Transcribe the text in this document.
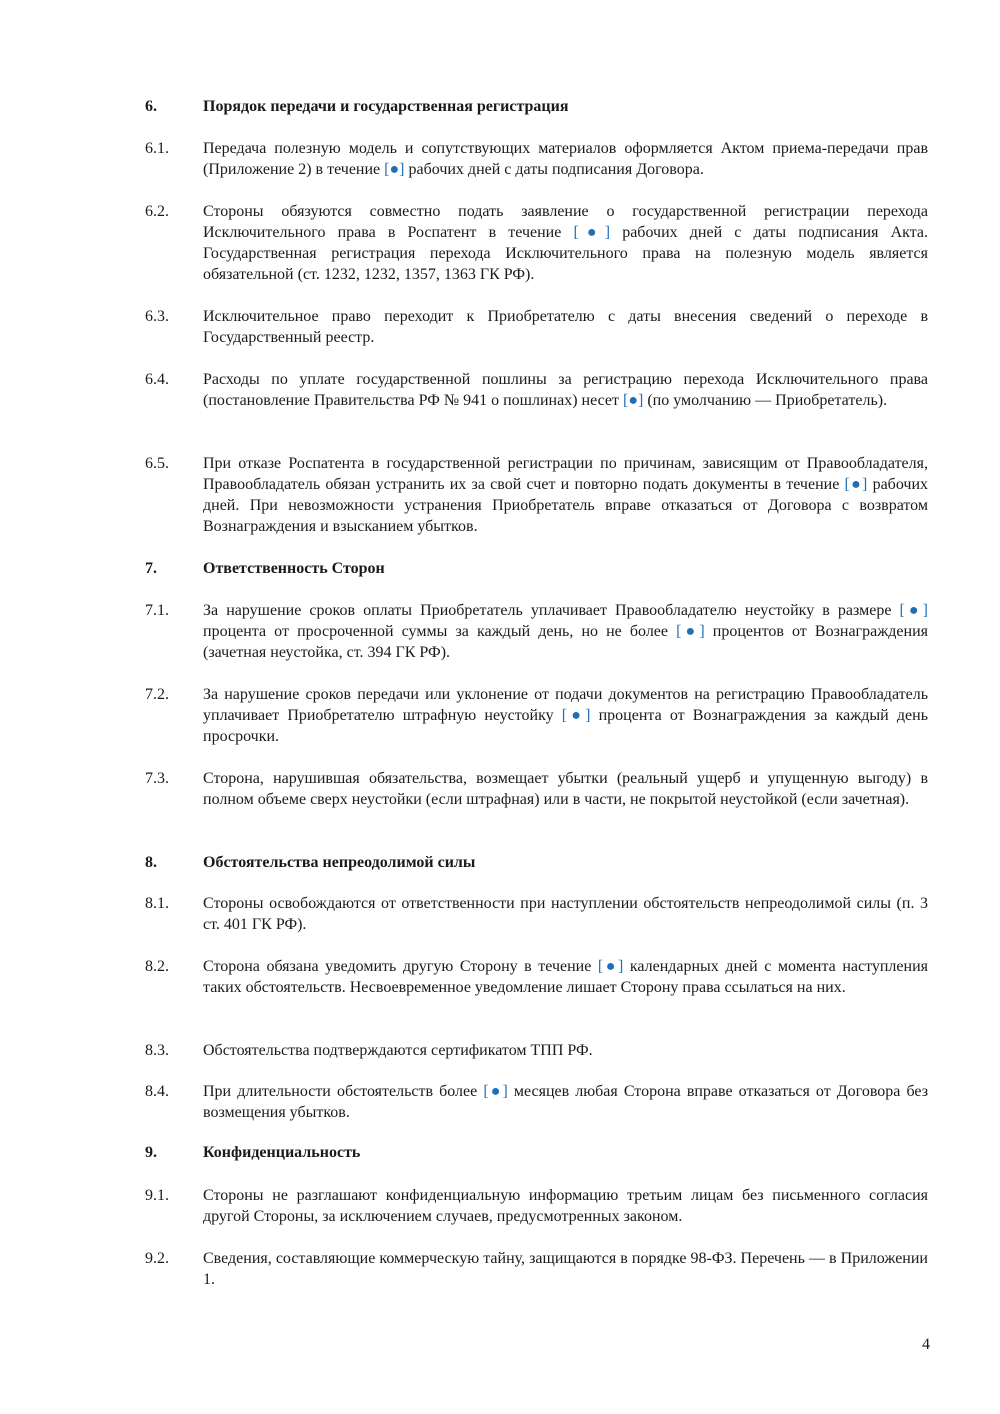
6.	Порядок передачи и государственная регистрация
6.1. Передача полезную модель и сопутствующих материалов оформляется Актом приема-передачи прав (Приложение 2) в течение [●] рабочих дней с даты подписания Договора.
6.2. Стороны обязуются совместно подать заявление о государственной регистрации перехода Исключительного права в Роспатент в течение [●] рабочих дней с даты подписания Акта. Государственная регистрация перехода Исключительного права на полезную модель является обязательной (ст. 1232, 1232, 1357, 1363 ГК РФ).
6.3. Исключительное право переходит к Приобретателю с даты внесения сведений о переходе в Государственный реестр.
6.4. Расходы по уплате государственной пошлины за регистрацию перехода Исключительного права (постановление Правительства РФ № 941 о пошлинах) несет [●] (по умолчанию — Приобретатель).
6.5. При отказе Роспатента в государственной регистрации по причинам, зависящим от Правообладателя, Правообладатель обязан устранить их за свой счет и повторно подать документы в течение [●] рабочих дней. При невозможности устранения Приобретатель вправе отказаться от Договора с возвратом Вознаграждения и взысканием убытков.
7.	Ответственность Сторон
7.1. За нарушение сроков оплаты Приобретатель уплачивает Правообладателю неустойку в размере [●] процента от просроченной суммы за каждый день, но не более [●] процентов от Вознаграждения (зачетная неустойка, ст. 394 ГК РФ).
7.2. За нарушение сроков передачи или уклонение от подачи документов на регистрацию Правообладатель уплачивает Приобретателю штрафную неустойку [●] процента от Вознаграждения за каждый день просрочки.
7.3. Сторона, нарушившая обязательства, возмещает убытки (реальный ущерб и упущенную выгоду) в полном объеме сверх неустойки (если штрафная) или в части, не покрытой неустойкой (если зачетная).
8.	Обстоятельства непреодолимой силы
8.1. Стороны освобождаются от ответственности при наступлении обстоятельств непреодолимой силы (п. 3 ст. 401 ГК РФ).
8.2. Сторона обязана уведомить другую Сторону в течение [●] календарных дней с момента наступления таких обстоятельств. Несвоевременное уведомление лишает Сторону права ссылаться на них.
8.3. Обстоятельства подтверждаются сертификатом ТПП РФ.
8.4. При длительности обстоятельств более [●] месяцев любая Сторона вправе отказаться от Договора без возмещения убытков.
9.	Конфиденциальность
9.1. Стороны не разглашают конфиденциальную информацию третьим лицам без письменного согласия другой Стороны, за исключением случаев, предусмотренных законом.
9.2. Сведения, составляющие коммерческую тайну, защищаются в порядке 98-ФЗ. Перечень — в Приложении 1.
4
